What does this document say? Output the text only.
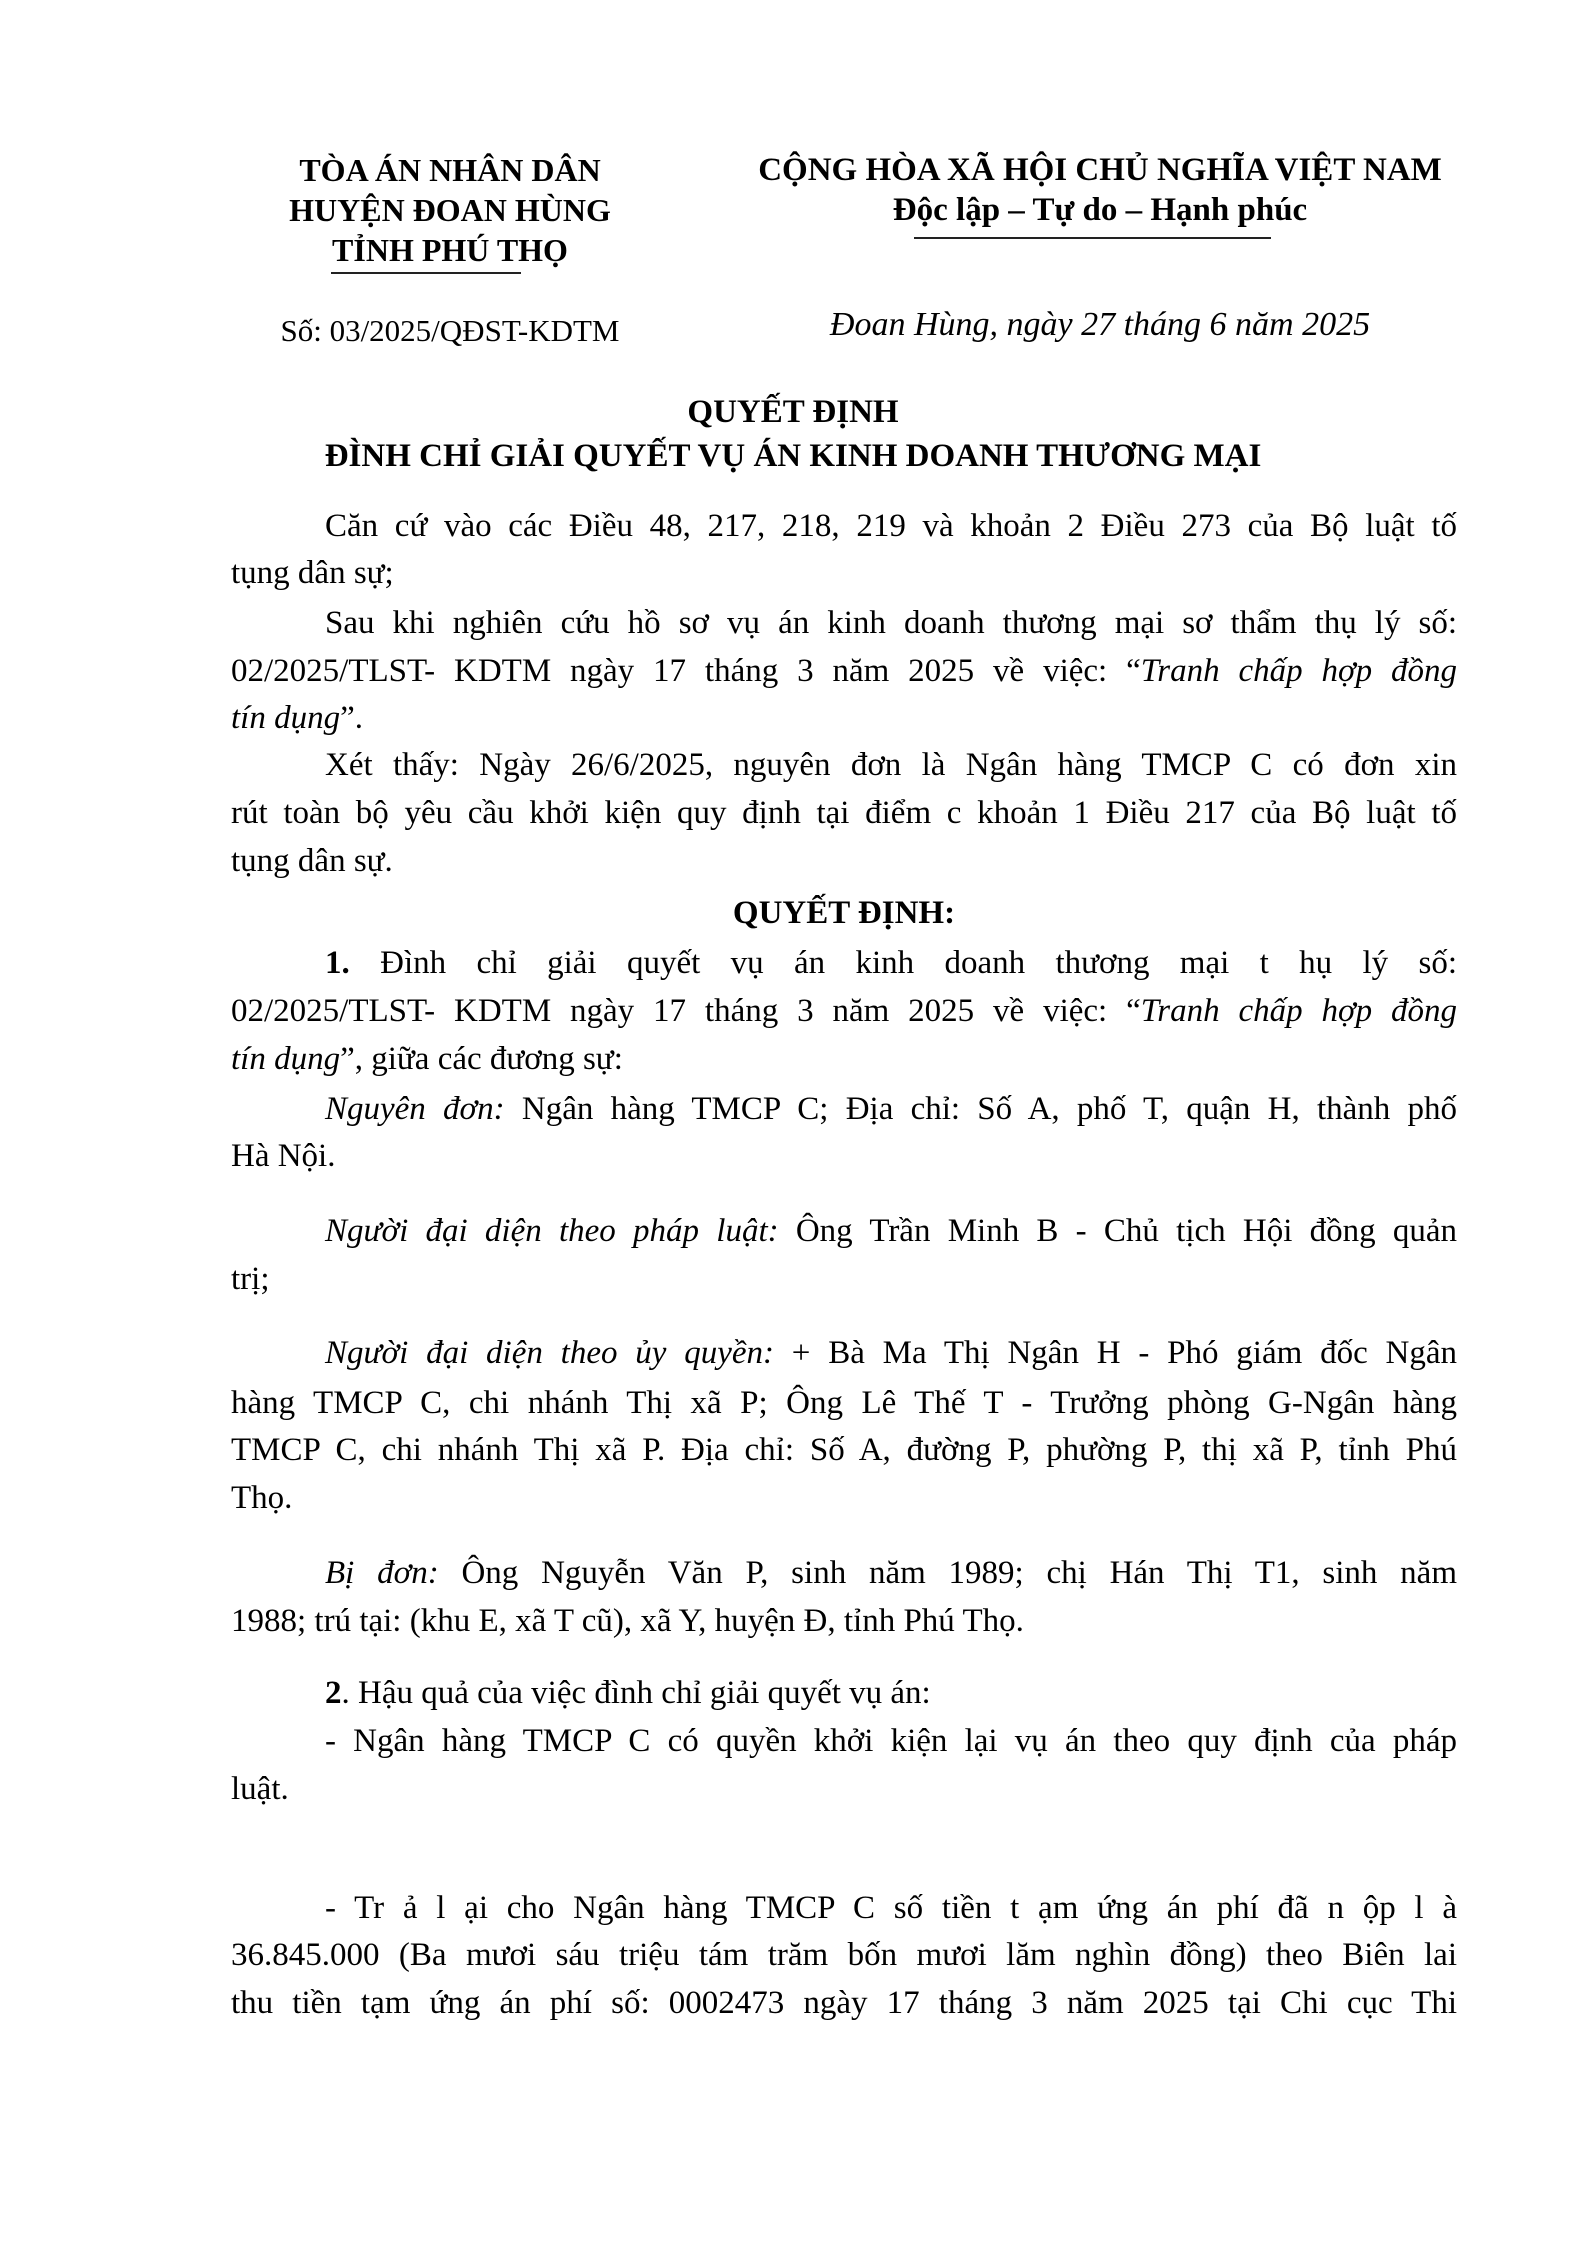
TÒA ÁN NHÂN DÂN
HUYỆN ĐOAN HÙNG
TỈNH PHÚ THỌ
Số: 03/2025/QĐST-KDTM
CỘNG HÒA XÃ HỘI CHỦ NGHĨA VIỆT NAM
Độc lập – Tự do – Hạnh phúc
Đoan Hùng, ngày 27 tháng 6 năm 2025
QUYẾT ĐỊNH
ĐÌNH CHỈ GIẢI QUYẾT VỤ ÁN KINH DOANH THƯƠNG MẠI
Căn cứ vào các Điều 48, 217, 218, 219 và khoản 2 Điều 273 của Bộ luật tố
tụng dân sự;
Sau khi nghiên cứu hồ sơ vụ án kinh doanh thương mại sơ thẩm thụ lý số:
02/2025/TLST- KDTM ngày 17 tháng 3 năm 2025 về việc: “Tranh chấp hợp đồng
tín dụng”.
Xét thấy: Ngày 26/6/2025, nguyên đơn là Ngân hàng TMCP C có đơn xin
rút toàn bộ yêu cầu khởi kiện quy định tại điểm c khoản 1 Điều 217 của Bộ luật tố
tụng dân sự.
QUYẾT ĐỊNH:
1. Đình chỉ giải quyết vụ án kinh doanh thương mại t hụ lý số:
02/2025/TLST- KDTM ngày 17 tháng 3 năm 2025 về việc: “Tranh chấp hợp đồng
tín dụng”, giữa các đương sự:
Nguyên đơn: Ngân hàng TMCP C; Địa chỉ: Số A, phố T, quận H, thành phố
Hà Nội.
Người đại diện theo pháp luật: Ông Trần Minh B - Chủ tịch Hội đồng quản
trị;
Người đại diện theo ủy quyền: + Bà Ma Thị Ngân H - Phó giám đốc Ngân
hàng TMCP C, chi nhánh Thị xã P; Ông Lê Thế T - Trưởng phòng G-Ngân hàng
TMCP C, chi nhánh Thị xã P. Địa chỉ: Số A, đường P, phường P, thị xã P, tỉnh Phú
Thọ.
Bị đơn: Ông Nguyễn Văn P, sinh năm 1989; chị Hán Thị T1, sinh năm
1988; trú tại: (khu E, xã T cũ), xã Y, huyện Đ, tỉnh Phú Thọ.
2. Hậu quả của việc đình chỉ giải quyết vụ án:
- Ngân hàng TMCP C có quyền khởi kiện lại vụ án theo quy định của pháp
luật.
- Tr ả l ại cho Ngân hàng TMCP C số tiền t ạm ứng án phí đã n ộp l à
36.845.000 (Ba mươi sáu triệu tám trăm bốn mươi lăm nghìn đồng) theo Biên lai
thu tiền tạm ứng án phí số: 0002473 ngày 17 tháng 3 năm 2025 tại Chi cục Thi
